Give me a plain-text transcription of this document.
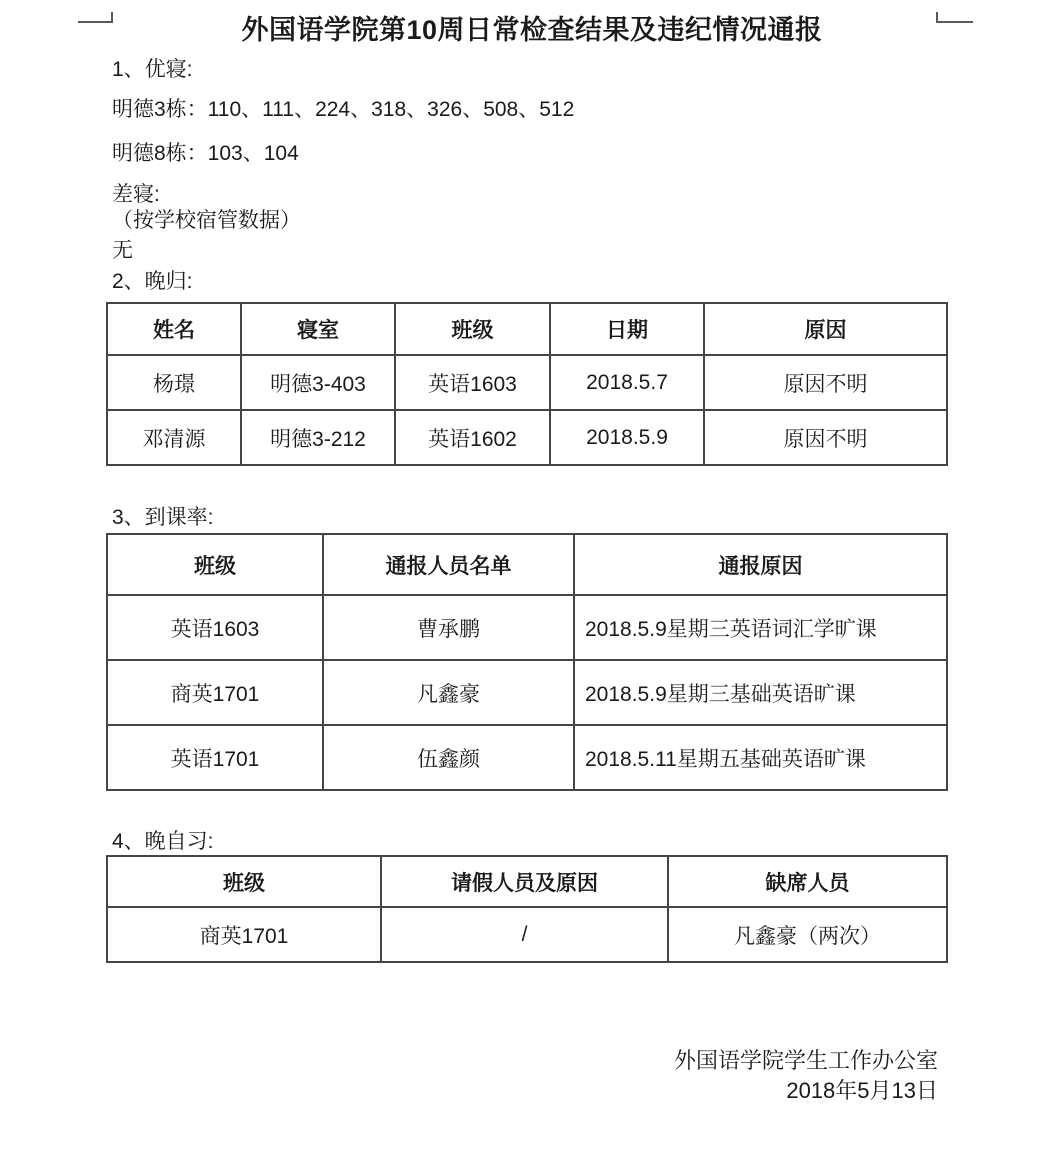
外国语学院第10周日常检查结果及违纪情况通报

1、优寝:

明德3栋：110、111、224、318、326、508、512

明德8栋：103、104

差寝:

（按学校宿管数据）

无

2、晚归:

姓名	寝室	班级	日期	原因
杨璟	明德3-403	英语1603	2018.5.7	原因不明
邓清源	明德3-212	英语1602	2018.5.9	原因不明

3、到课率:

班级	通报人员名单	通报原因
英语1603	曹承鹏	2018.5.9星期三英语词汇学旷课
商英1701	凡鑫豪	2018.5.9星期三基础英语旷课
英语1701	伍鑫颜	2018.5.11星期五基础英语旷课

4、晚自习:

班级	请假人员及原因	缺席人员
商英1701	/	凡鑫豪（两次）

外国语学院学生工作办公室

2018年5月13日
